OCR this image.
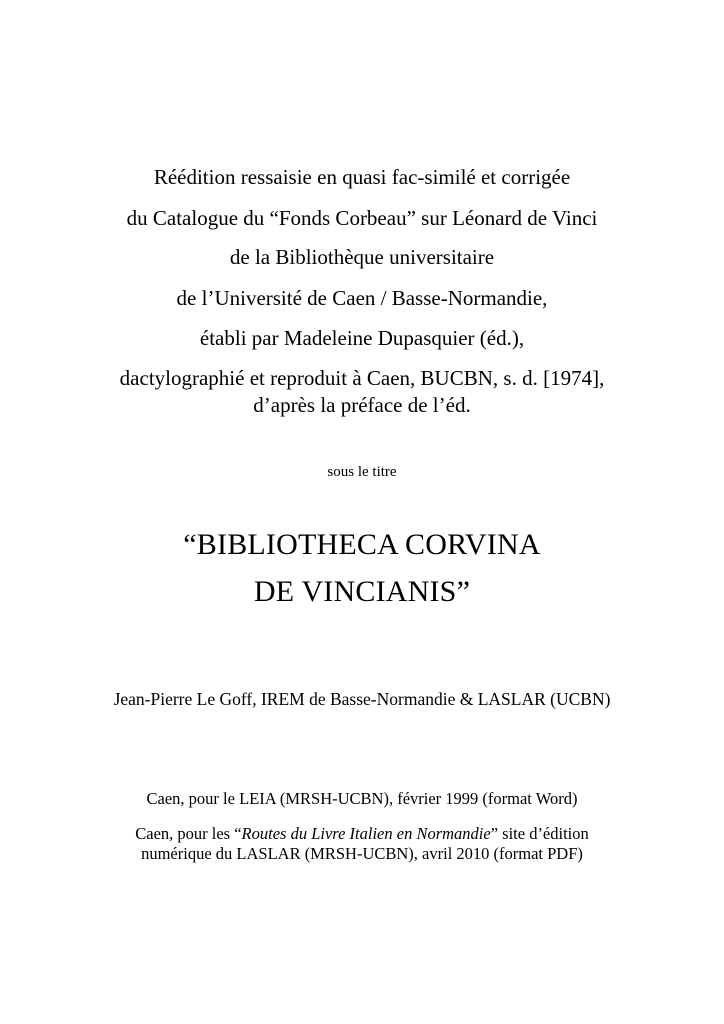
Réédition ressaisie en quasi fac-similé et corrigée
du Catalogue du “Fonds Corbeau” sur Léonard de Vinci
de la Bibliothèque universitaire
de l’Université de Caen / Basse-Normandie,
établi par Madeleine Dupasquier (éd.),
dactylographié et reproduit à Caen, BUCBN, s. d. [1974],
d’après la préface de l’éd.
sous le titre
“BIBLIOTHECA CORVINA
DE VINCIANIS”
Jean-Pierre Le Goff, IREM de Basse-Normandie & LASLAR (UCBN)
Caen, pour le LEIA (MRSH-UCBN), février 1999 (format Word)
Caen, pour les “Routes du Livre Italien en Normandie” site d’édition
numérique du LASLAR (MRSH-UCBN), avril 2010 (format PDF)
